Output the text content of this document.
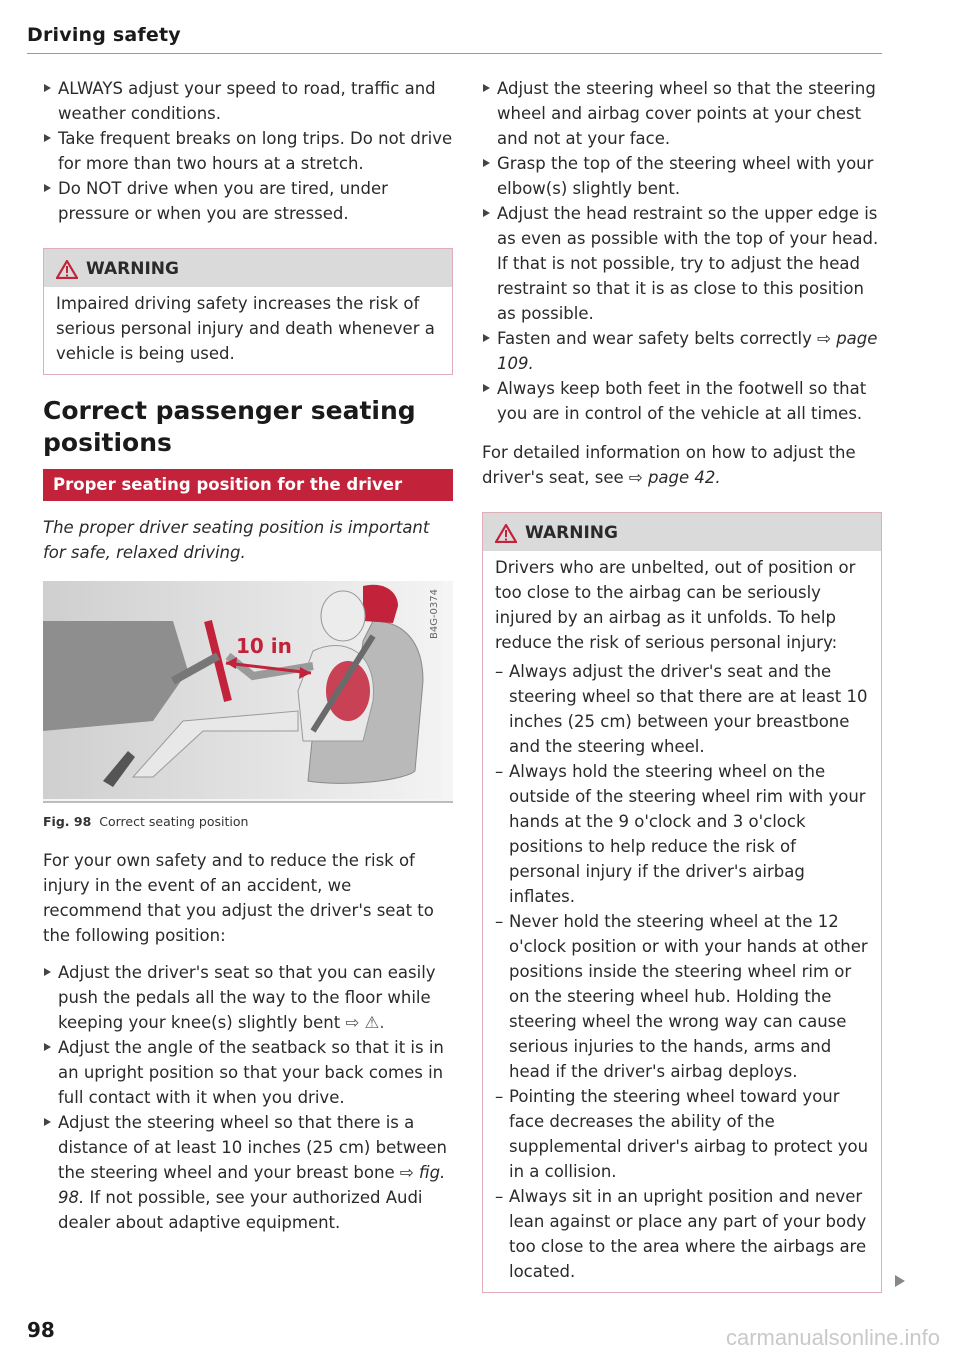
Driving safety
ALWAYS adjust your speed to road, traffic and weather conditions.
Take frequent breaks on long trips. Do not drive for more than two hours at a stretch.
Do NOT drive when you are tired, under pressure or when you are stressed.
WARNING
Impaired driving safety increases the risk of serious personal injury and death whenever a vehicle is being used.
Correct passenger seating positions
Proper seating position for the driver
The proper driver seating position is important for safe, relaxed driving.
10 in
B4G-0374
Fig. 98 Correct seating position
For your own safety and to reduce the risk of injury in the event of an accident, we recommend that you adjust the driver's seat to the following position:
Adjust the driver's seat so that you can easily push the pedals all the way to the floor while keeping your knee(s) slightly bent ⇨ ⚠.
Adjust the angle of the seatback so that it is in an upright position so that your back comes in full contact with it when you drive.
Adjust the steering wheel so that there is a distance of at least 10 inches (25 cm) between the steering wheel and your breast bone ⇨ fig. 98. If not possible, see your authorized Audi dealer about adaptive equipment.
Adjust the steering wheel so that the steering wheel and airbag cover points at your chest and not at your face.
Grasp the top of the steering wheel with your elbow(s) slightly bent.
Adjust the head restraint so the upper edge is as even as possible with the top of your head. If that is not possible, try to adjust the head restraint so that it is as close to this position as possible.
Fasten and wear safety belts correctly ⇨ page 109.
Always keep both feet in the footwell so that you are in control of the vehicle at all times.
For detailed information on how to adjust the driver's seat, see ⇨ page 42.
WARNING
Drivers who are unbelted, out of position or too close to the airbag can be seriously injured by an airbag as it unfolds. To help reduce the risk of serious personal injury:
– Always adjust the driver's seat and the steering wheel so that there are at least 10 inches (25 cm) between your breastbone and the steering wheel.
– Always hold the steering wheel on the outside of the steering wheel rim with your hands at the 9 o'clock and 3 o'clock positions to help reduce the risk of personal injury if the driver's airbag inflates.
– Never hold the steering wheel at the 12 o'clock position or with your hands at other positions inside the steering wheel rim or on the steering wheel hub. Holding the steering wheel the wrong way can cause serious injuries to the hands, arms and head if the driver's airbag deploys.
– Pointing the steering wheel toward your face decreases the ability of the supplemental driver's airbag to protect you in a collision.
– Always sit in an upright position and never lean against or place any part of your body too close to the area where the airbags are located.
98	carmanualsonline.info
